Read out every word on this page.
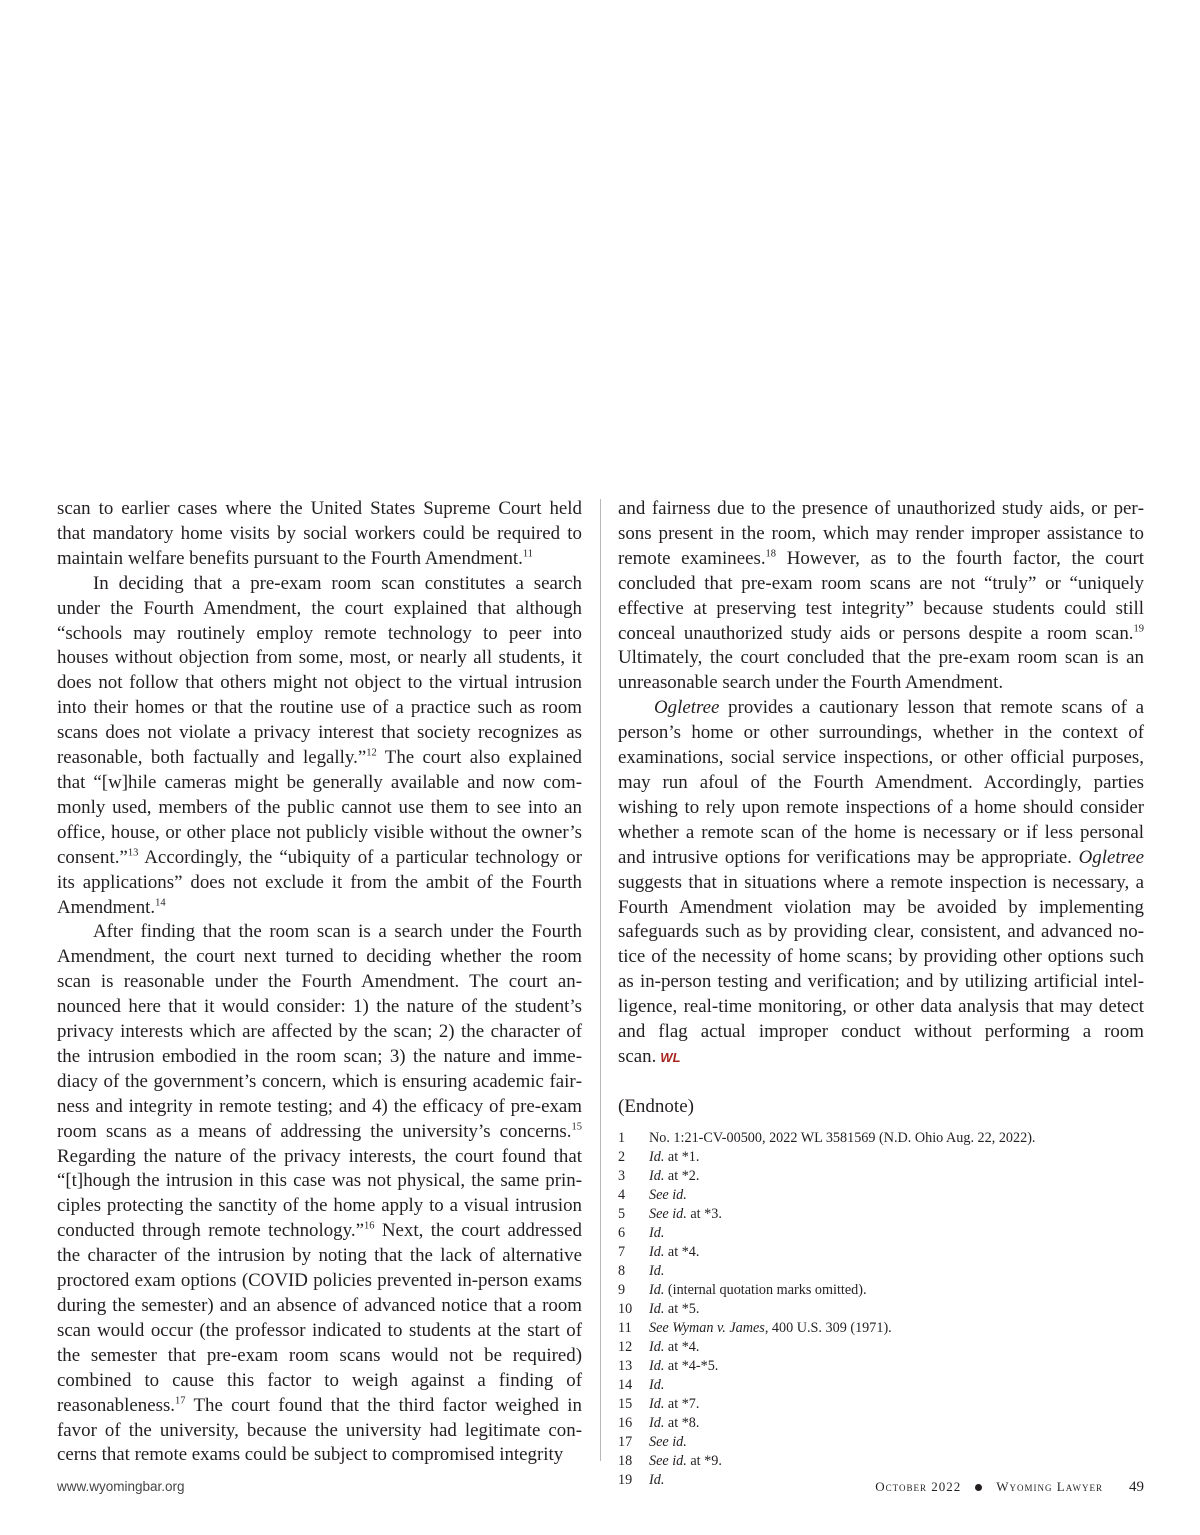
scan to earlier cases where the United States Supreme Court held that mandatory home visits by social workers could be required to maintain welfare benefits pursuant to the Fourth Amendment.$^{11}$

In deciding that a pre-exam room scan constitutes a search under the Fourth Amendment, the court explained that although “schools may routinely employ remote technology to peer into houses without objection from some, most, or nearly all students, it does not follow that others might not object to the virtual intrusion into their homes or that the routine use of a practice such as room scans does not violate a privacy interest that society recognizes as reasonable, both factually and legally.”$^{12}$ The court also explained that “[w]hile cameras might be generally available and now commonly used, members of the public cannot use them to see into an office, house, or other place not publicly visible without the owner’s consent.”$^{13}$ Accordingly, the “ubiquity of a particular technology or its applications” does not exclude it from the ambit of the Fourth Amendment.$^{14}$

After finding that the room scan is a search under the Fourth Amendment, the court next turned to deciding whether the room scan is reasonable under the Fourth Amendment. The court announced here that it would consider: 1) the nature of the student’s privacy interests which are affected by the scan; 2) the character of the intrusion embodied in the room scan; 3) the nature and immediacy of the government’s concern, which is ensuring academic fairness and integrity in remote testing; and 4) the efficacy of pre-exam room scans as a means of addressing the university’s concerns.$^{15}$ Regarding the nature of the privacy interests, the court found that “[t]hough the intrusion in this case was not physical, the same principles protecting the sanctity of the home apply to a visual intrusion conducted through remote technology.”$^{16}$ Next, the court addressed the character of the intrusion by noting that the lack of alternative proctored exam options (COVID policies prevented in-person exams during the semester) and an absence of advanced notice that a room scan would occur (the professor indicated to students at the start of the semester that pre-exam room scans would not be required) combined to cause this factor to weigh against a finding of reasonableness.$^{17}$ The court found that the third factor weighed in favor of the university, because the university had legitimate concerns that remote exams could be subject to compromised integrity

and fairness due to the presence of unauthorized study aids, or persons present in the room, which may render improper assistance to remote examinees.$^{18}$ However, as to the fourth factor, the court concluded that pre-exam room scans are not “truly” or “uniquely effective at preserving test integrity” because students could still conceal unauthorized study aids or persons despite a room scan.$^{19}$ Ultimately, the court concluded that the pre-exam room scan is an unreasonable search under the Fourth Amendment.

Ogletree provides a cautionary lesson that remote scans of a person’s home or other surroundings, whether in the context of examinations, social service inspections, or other official purposes, may run afoul of the Fourth Amendment. Accordingly, parties wishing to rely upon remote inspections of a home should consider whether a remote scan of the home is necessary or if less personal and intrusive options for verifications may be appropriate. Ogletree suggests that in situations where a remote inspection is necessary, a Fourth Amendment violation may be avoided by implementing safeguards such as by providing clear, consistent, and advanced notice of the necessity of home scans; by providing other options such as in-person testing and verification; and by utilizing artificial intelligence, real-time monitoring, or other data analysis that may detect and flag actual improper conduct without performing a room scan. WL

(Endnote)
1	No. 1:21-CV-00500, 2022 WL 3581569 (N.D. Ohio Aug. 22, 2022).
2	Id. at *1.
3	Id. at *2.
4	See id.
5	See id. at *3.
6	Id.
7	Id. at *4.
8	Id.
9	Id. (internal quotation marks omitted).
10	Id. at *5.
11	See Wyman v. James, 400 U.S. 309 (1971).
12	Id. at *4.
13	Id. at *4-*5.
14	Id.
15	Id. at *7.
16	Id. at *8.
17	See id.
18	See id. at *9.
19	Id.
www.wyomingbar.org	October 2022	Wyoming Lawyer 49
